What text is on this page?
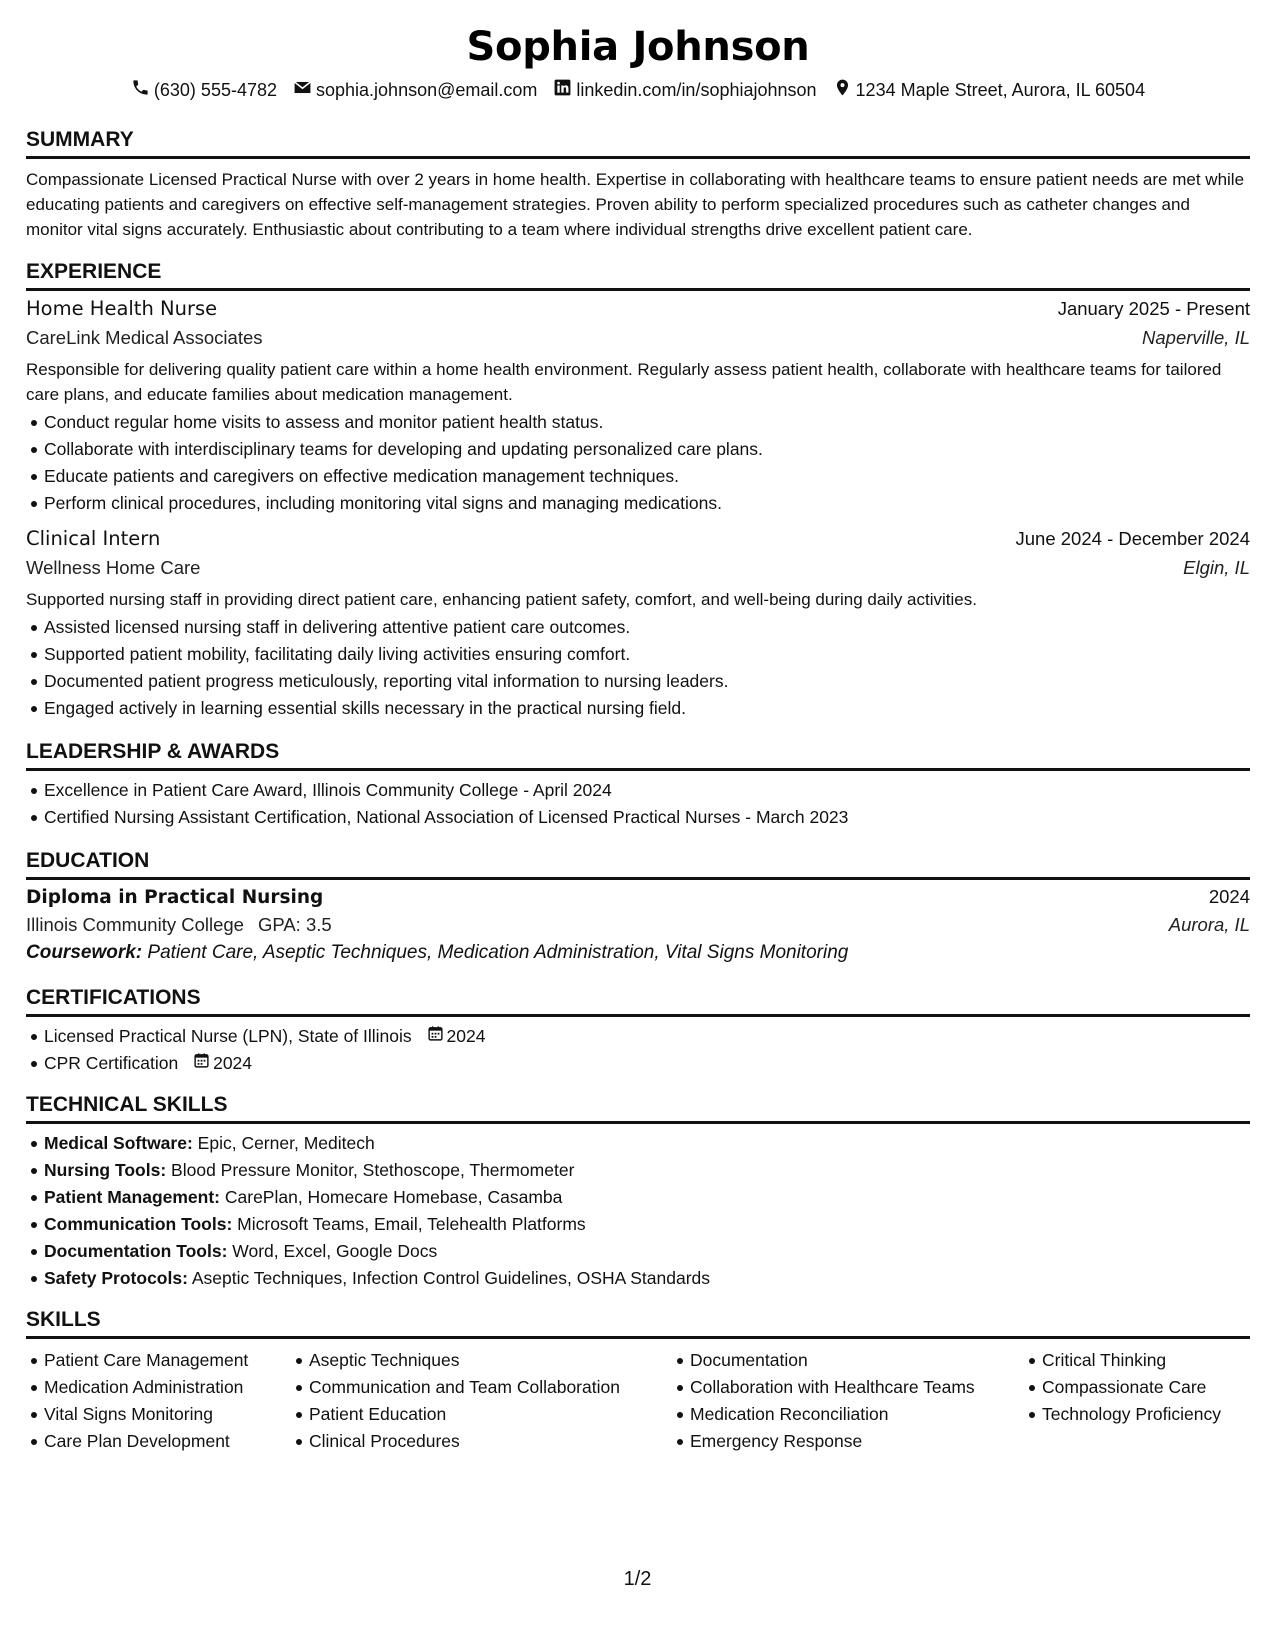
Sophia Johnson
(630) 555-4782 sophia.johnson@email.com linkedin.com/in/sophiajohnson 1234 Maple Street, Aurora, IL 60504
SUMMARY
Compassionate Licensed Practical Nurse with over 2 years in home health. Expertise in collaborating with healthcare teams to ensure patient needs are met while educating patients and caregivers on effective self-management strategies. Proven ability to perform specialized procedures such as catheter changes and monitor vital signs accurately. Enthusiastic about contributing to a team where individual strengths drive excellent patient care.
EXPERIENCE
Home Health Nurse	January 2025 - Present
CareLink Medical Associates	Naperville, IL
Responsible for delivering quality patient care within a home health environment. Regularly assess patient health, collaborate with healthcare teams for tailored care plans, and educate families about medication management.
Conduct regular home visits to assess and monitor patient health status.
Collaborate with interdisciplinary teams for developing and updating personalized care plans.
Educate patients and caregivers on effective medication management techniques.
Perform clinical procedures, including monitoring vital signs and managing medications.
Clinical Intern	June 2024 - December 2024
Wellness Home Care	Elgin, IL
Supported nursing staff in providing direct patient care, enhancing patient safety, comfort, and well-being during daily activities.
Assisted licensed nursing staff in delivering attentive patient care outcomes.
Supported patient mobility, facilitating daily living activities ensuring comfort.
Documented patient progress meticulously, reporting vital information to nursing leaders.
Engaged actively in learning essential skills necessary in the practical nursing field.
LEADERSHIP & AWARDS
Excellence in Patient Care Award, Illinois Community College - April 2024
Certified Nursing Assistant Certification, National Association of Licensed Practical Nurses - March 2023
EDUCATION
Diploma in Practical Nursing	2024
Illinois Community College GPA: 3.5	Aurora, IL
Coursework: Patient Care, Aseptic Techniques, Medication Administration, Vital Signs Monitoring
CERTIFICATIONS
Licensed Practical Nurse (LPN), State of Illinois 2024
CPR Certification 2024
TECHNICAL SKILLS
Medical Software: Epic, Cerner, Meditech
Nursing Tools: Blood Pressure Monitor, Stethoscope, Thermometer
Patient Management: CarePlan, Homecare Homebase, Casamba
Communication Tools: Microsoft Teams, Email, Telehealth Platforms
Documentation Tools: Word, Excel, Google Docs
Safety Protocols: Aseptic Techniques, Infection Control Guidelines, OSHA Standards
SKILLS
Patient Care Management
Medication Administration
Vital Signs Monitoring
Care Plan Development
Aseptic Techniques
Communication and Team Collaboration
Patient Education
Clinical Procedures
Documentation
Collaboration with Healthcare Teams
Medication Reconciliation
Emergency Response
Critical Thinking
Compassionate Care
Technology Proficiency
1/2
